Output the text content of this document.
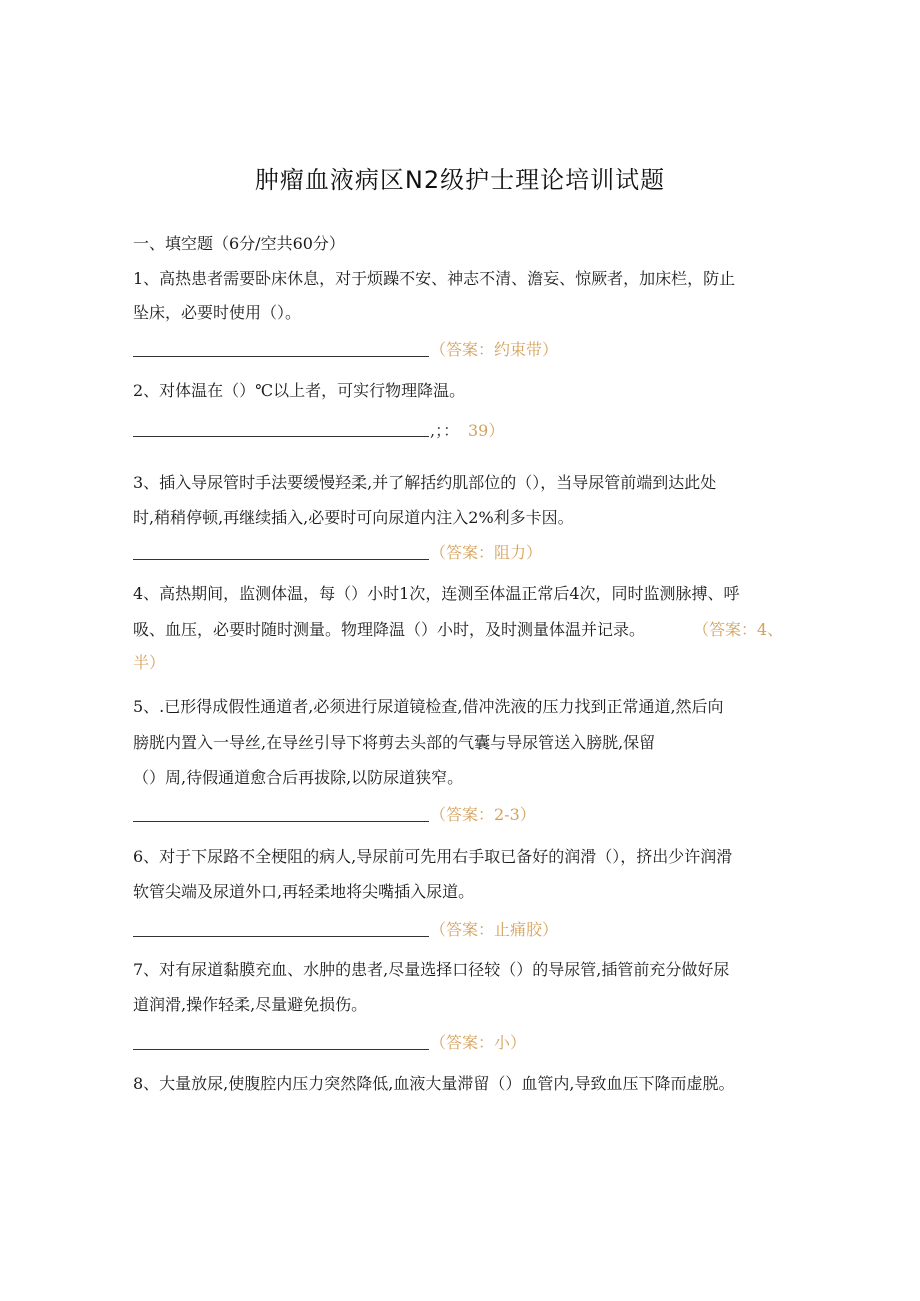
肿瘤血液病区N2级护士理论培训试题
一、填空题（6分/空共60分）
1、高热患者需要卧床休息，对于烦躁不安、神志不清、澹妄、惊厥者，加床栏，防止
坠床，必要时使用（）。
（答案：约束带）
2、对体温在（）℃以上者，可实行物理降温。
,；： 39）
3、插入导尿管时手法要缓慢羟柔,并了解括约肌部位的（），当导尿管前端到达此处
时,稍稍停顿,再继续插入,必要时可向尿道内注入2%利多卡因。
（答案：阻力）
4、高热期间，监测体温，每（）小时1次，连测至体温正常后4次，同时监测脉搏、呼
吸、血压，必要时随时测量。物理降温（）小时，及时测量体温并记录。	（答案：4、
半）
5、.已形得成假性通道者,必须进行尿道镜检查,借冲洗液的压力找到正常通道,然后向
膀胱内置入一导丝,在导丝引导下将剪去头部的气囊与导尿管送入膀胱,保留
（）周,待假通道愈合后再拔除,以防尿道狭窄。
（答案：2-3）
6、对于下尿路不全梗阻的病人,导尿前可先用右手取已备好的润滑（），挤出少许润滑
软管尖端及尿道外口,再轻柔地将尖嘴插入尿道。
（答案：止痛胶）
7、对有尿道黏膜充血、水肿的患者,尽量选择口径较（）的导尿管,插管前充分做好尿
道润滑,操作轻柔,尽量避免损伤。
（答案：小）
8、大量放尿,使腹腔内压力突然降低,血液大量滞留（）血管内,导致血压下降而虚脱。
